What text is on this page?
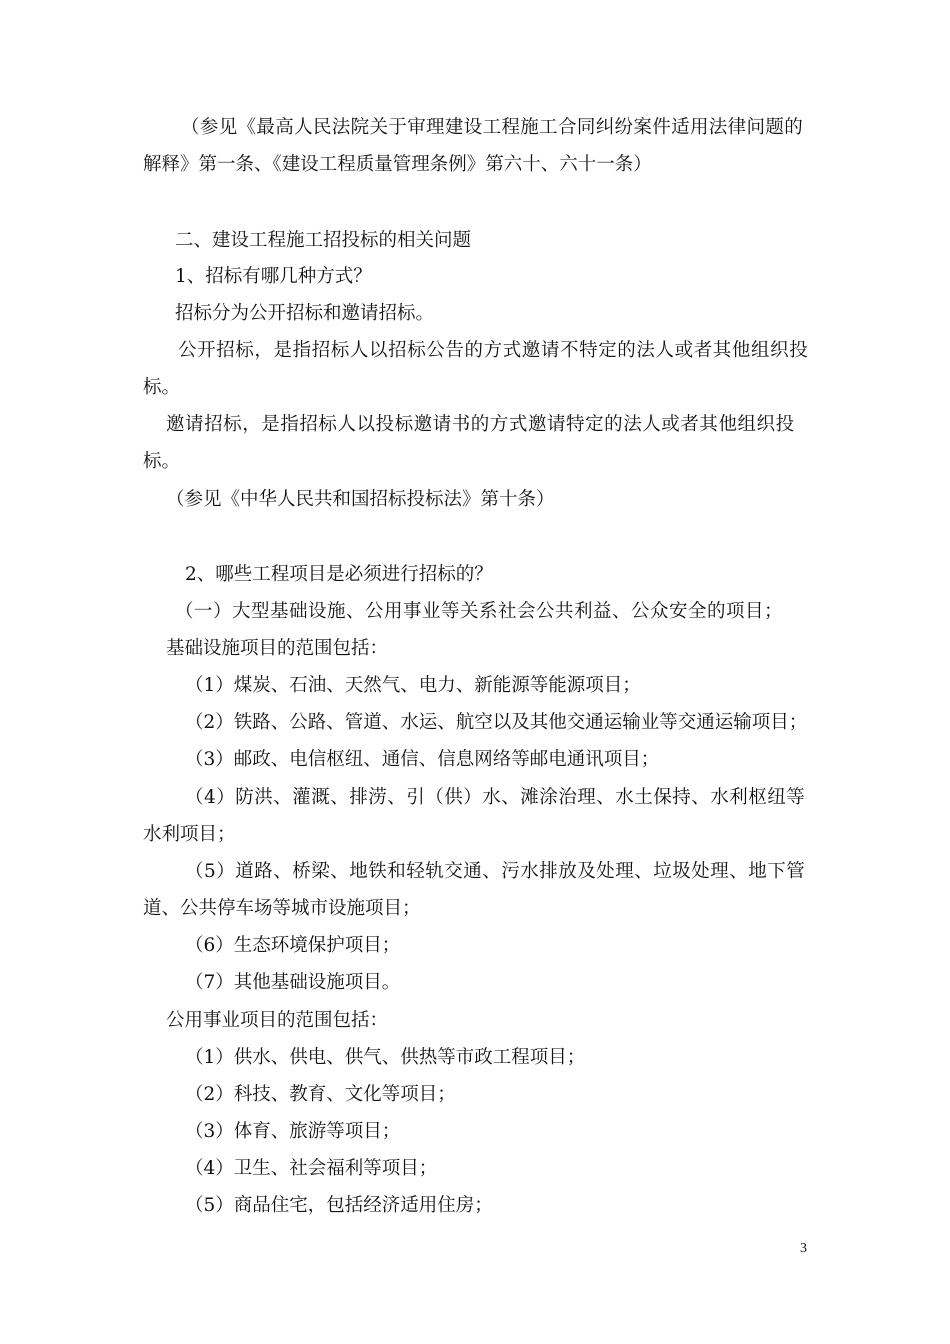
（参见《最高人民法院关于审理建设工程施工合同纠纷案件适用法律问题的
解释》第一条、《建设工程质量管理条例》第六十、六十一条）
二、建设工程施工招投标的相关问题
1、招标有哪几种方式？
招标分为公开招标和邀请招标。
公开招标，是指招标人以招标公告的方式邀请不特定的法人或者其他组织投
标。
邀请招标，是指招标人以投标邀请书的方式邀请特定的法人或者其他组织投
标。
（参见《中华人民共和国招标投标法》第十条）
2、哪些工程项目是必须进行招标的？
（一）大型基础设施、公用事业等关系社会公共利益、公众安全的项目；
基础设施项目的范围包括：
（1）煤炭、石油、天然气、电力、新能源等能源项目；
（2）铁路、公路、管道、水运、航空以及其他交通运输业等交通运输项目；
（3）邮政、电信枢纽、通信、信息网络等邮电通讯项目；
（4）防洪、灌溉、排涝、引（供）水、滩涂治理、水土保持、水利枢纽等
水利项目；
（5）道路、桥梁、地铁和轻轨交通、污水排放及处理、垃圾处理、地下管
道、公共停车场等城市设施项目；
（6）生态环境保护项目；
（7）其他基础设施项目。
公用事业项目的范围包括：
（1）供水、供电、供气、供热等市政工程项目；
（2）科技、教育、文化等项目；
（3）体育、旅游等项目；
（4）卫生、社会福利等项目；
（5）商品住宅，包括经济适用住房；
3
